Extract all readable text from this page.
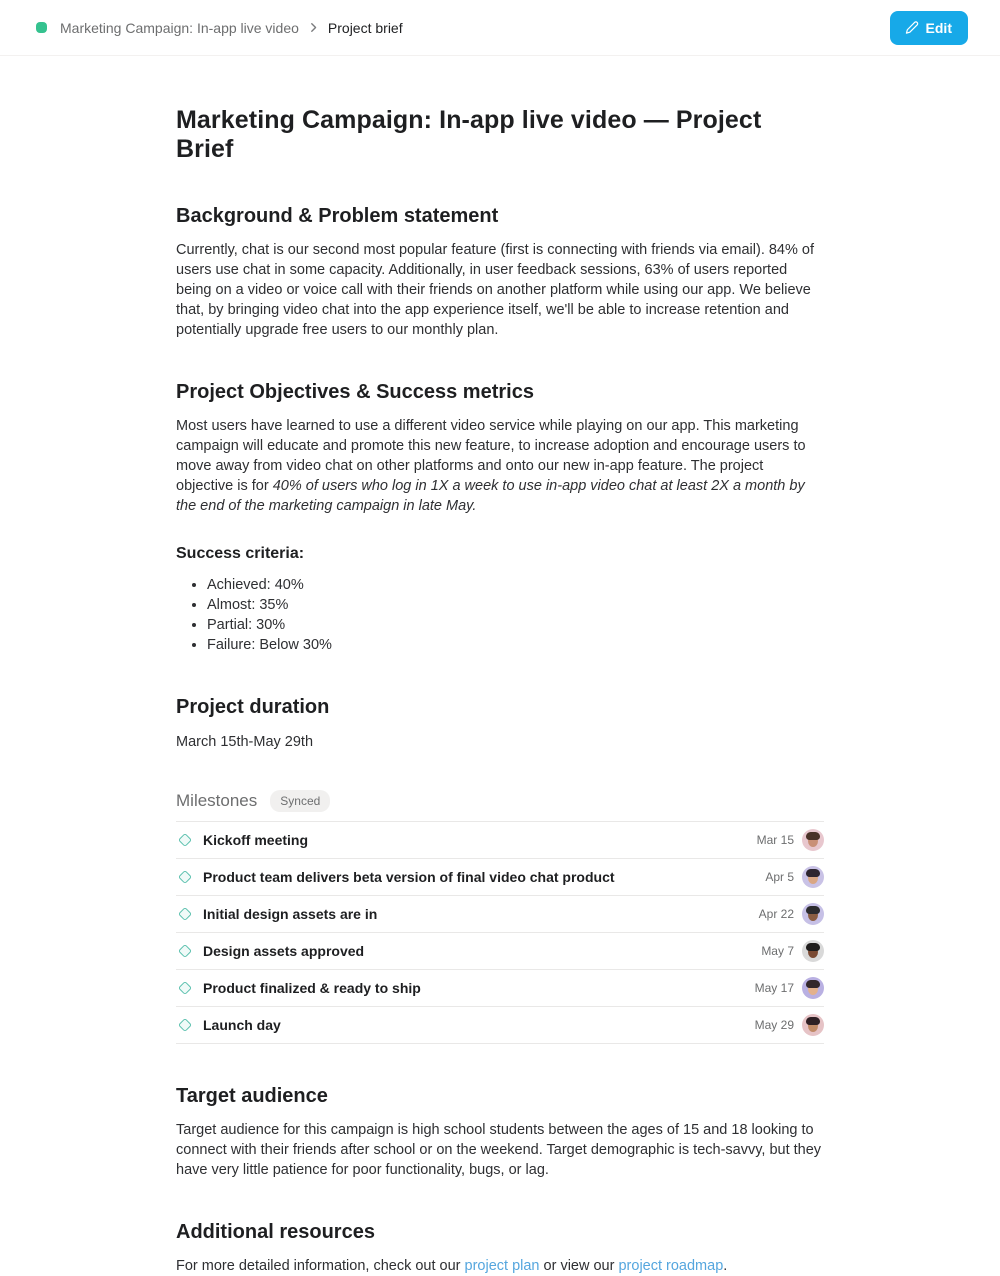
Marketing Campaign: In-app live video Project brief	Edit
Marketing Campaign: In-app live video — Project Brief
Background & Problem statement

Currently, chat is our second most popular feature (first is connecting with friends via email). 84% of users use chat in some capacity. Additionally, in user feedback sessions, 63% of users reported being on a video or voice call with their friends on another platform while using our app. We believe that, by bringing video chat into the app experience itself, we'll be able to increase retention and potentially upgrade free users to our monthly plan.

Project Objectives & Success metrics

Most users have learned to use a different video service while playing on our app. This marketing campaign will educate and promote this new feature, to increase adoption and encourage users to move away from video chat on other platforms and onto our new in-app feature. The project objective is for 40% of users who log in 1X a week to use in-app video chat at least 2X a month by the end of the marketing campaign in late May.

Success criteria:
• Achieved: 40%
• Almost: 35%
• Partial: 30%
• Failure: Below 30%
Project duration

March 15th-May 29th

Milestones	Synced
Kickoff meeting	Mar 15
Product team delivers beta version of final video chat product	Apr 5
Initial design assets are in	Apr 22
Design assets approved	May 7
Product finalized & ready to ship	May 17
Launch day	May 29
Target audience

Target audience for this campaign is high school students between the ages of 15 and 18 looking to connect with their friends after school or on the weekend. Target demographic is tech-savvy, but they have very little patience for poor functionality, bugs, or lag.

Additional resources

For more detailed information, check out our project plan or view our project roadmap.
